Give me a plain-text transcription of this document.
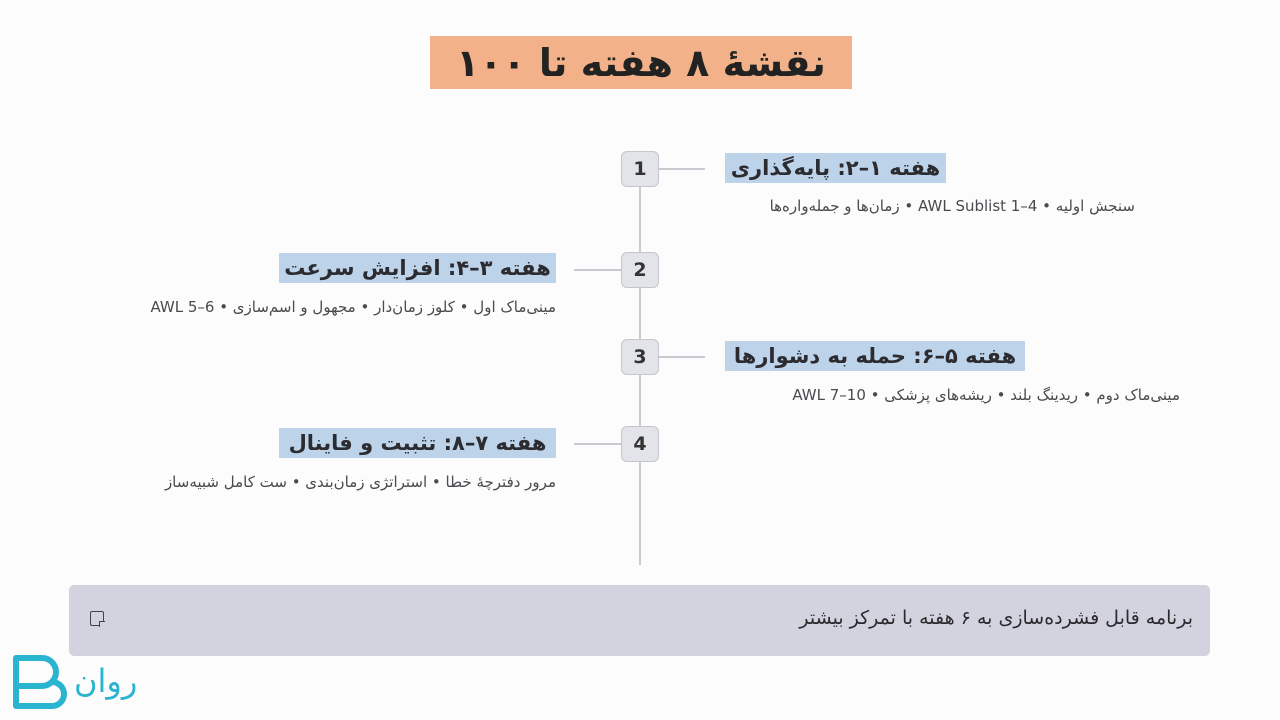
نقشهٔ ۸ هفته تا ۱۰۰
1	هفته ۱–۲: پایه‌گذاری
سنجش اولیه • AWL Sublist 1–4 • زمان‌ها و جمله‌واره‌ها
2
هفته ۳–۴: افزایش سرعت
مینی‌ماک اول • کلوز زمان‌دار • مجهول و اسم‌سازی • AWL 5–6
3	هفته ۵–۶: حمله به دشوارها
مینی‌ماک دوم • ریدینگ بلند • ریشه‌های پزشکی • AWL 7–10
4
هفته ۷–۸: تثبیت و فاینال
مرور دفترچهٔ خطا • استراتژی زمان‌بندی • ست کامل شبیه‌ساز
برنامه قابل فشرده‌سازی به ۶ هفته با تمرکز بیشتر
روان
